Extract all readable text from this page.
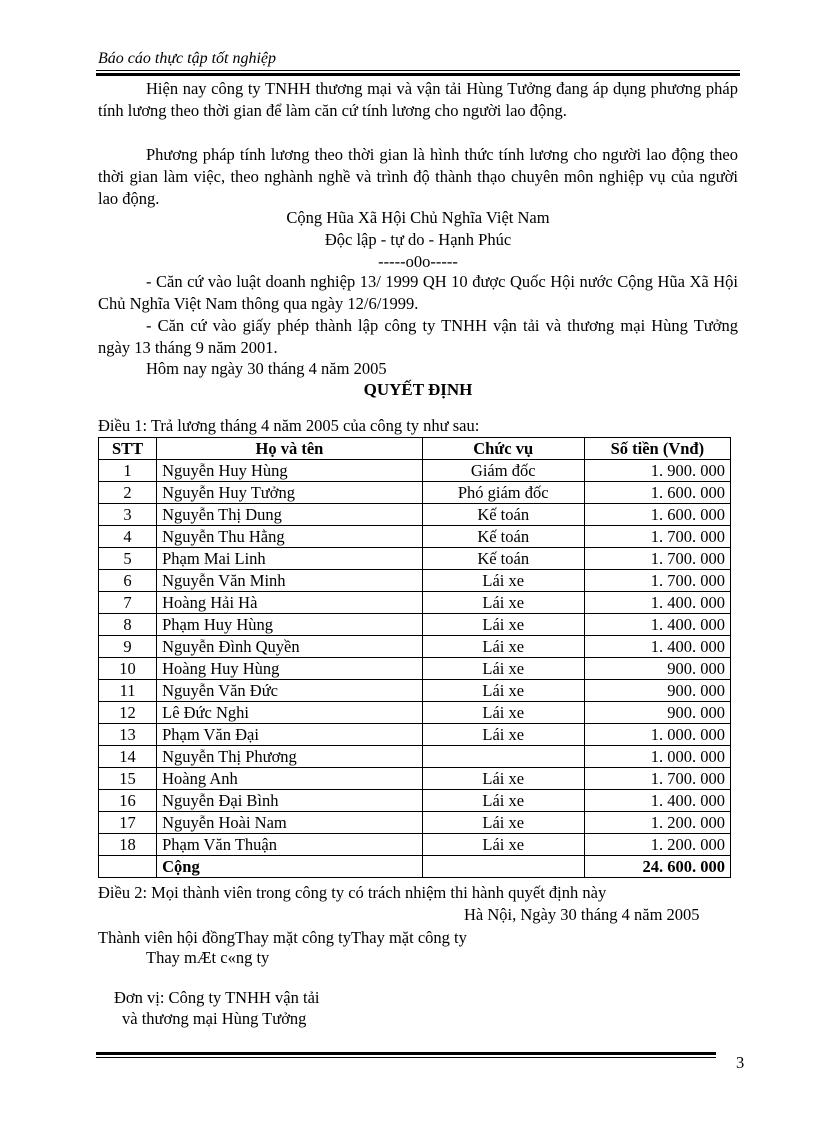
Báo cáo thực tập tốt nghiệp
Hiện nay công ty TNHH thương mại và vận tải Hùng Tưởng đang áp dụng phương pháp tính lương theo thời gian để làm căn cứ tính lương cho người lao động.
Phương pháp tính lương theo thời gian là hình thức tính lương cho người lao động theo thời gian làm việc, theo nghành nghề và trình độ thành thạo chuyên môn nghiệp vụ của người lao động.
Cộng Hũa Xã Hội Chủ Nghĩa Việt Nam
Độc lập - tự do - Hạnh Phúc
-----o0o-----
- Căn cứ vào luật doanh nghiệp 13/ 1999 QH 10 được Quốc Hội nước Cộng Hũa Xã Hội Chủ Nghĩa Việt Nam thông qua ngày 12/6/1999.
- Căn cứ vào giấy phép thành lập công ty TNHH vận tải và thương mại Hùng Tưởng ngày 13 tháng 9 năm 2001.
Hôm nay ngày 30 tháng 4 năm 2005
QUYẾT ĐỊNH
Điều 1: Trả lương tháng 4 năm 2005 của công ty như sau:
STT	Họ và tên	Chức vụ	Số tiền (Vnđ)
1	Nguyễn Huy Hùng	Giám đốc	1. 900. 000
2	Nguyễn Huy Tưởng	Phó giám đốc	1. 600. 000
3	Nguyễn Thị Dung	Kế toán	1. 600. 000
4	Nguyễn Thu Hằng	Kế toán	1. 700. 000
5	Phạm Mai Linh	Kế toán	1. 700. 000
6	Nguyễn Văn Minh	Lái xe	1. 700. 000
7	Hoàng Hải Hà	Lái xe	1. 400. 000
8	Phạm Huy Hùng	Lái xe	1. 400. 000
9	Nguyễn Đình Quyền	Lái xe	1. 400. 000
10	Hoàng Huy Hùng	Lái xe	900. 000
11	Nguyễn Văn Đức	Lái xe	900. 000
12	Lê Đức Nghi	Lái xe	900. 000
13	Phạm Văn Đại	Lái xe	1. 000. 000
14	Nguyễn Thị Phương		1. 000. 000
15	Hoàng Anh	Lái xe	1. 700. 000
16	Nguyễn Đại Bình	Lái xe	1. 400. 000
17	Nguyễn Hoài Nam	Lái xe	1. 200. 000
18	Phạm Văn Thuận	Lái xe	1. 200. 000
	Cộng		24. 600. 000
Điều 2: Mọi thành viên trong công ty có trách nhiệm thi hành quyết định này
Hà Nội, Ngày 30 tháng 4 năm 2005
Thành viên hội đồngThay mặt công tyThay mặt công ty
Thay mÆt c«ng ty
Đơn vị: Công ty TNHH vận tải
và thương mại Hùng Tưởng
3
